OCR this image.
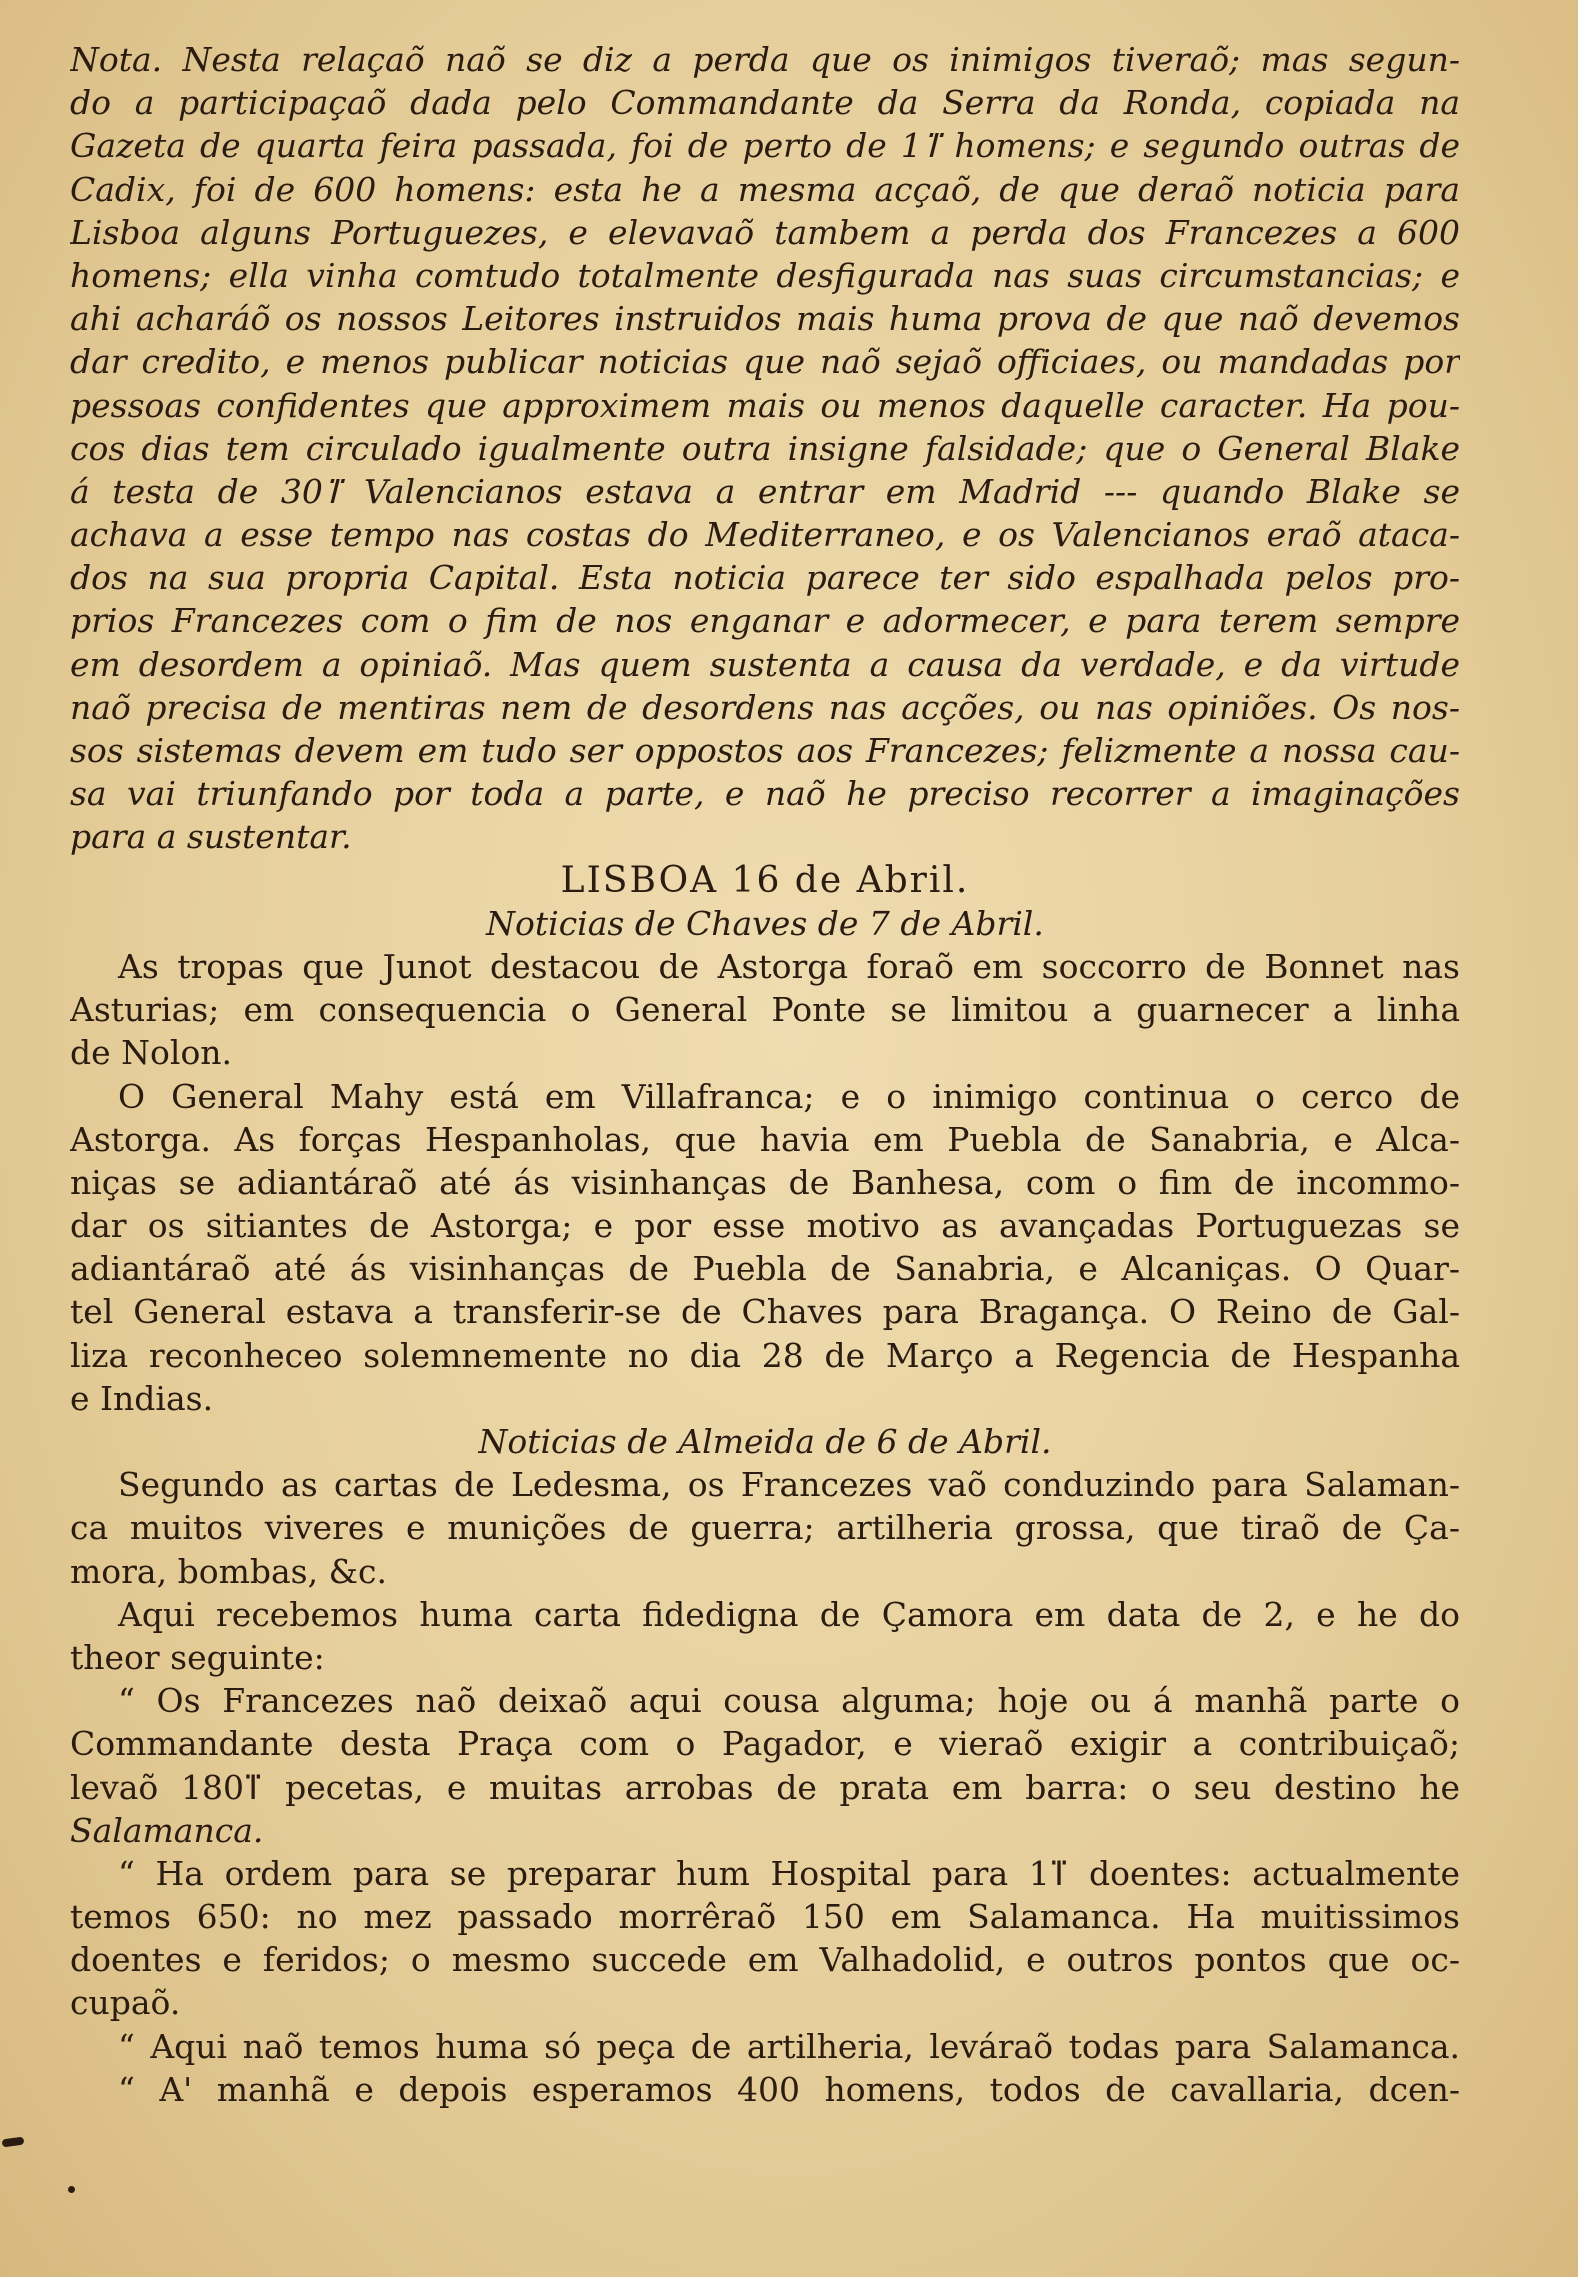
Nota. Nesta relaçaõ naõ se diz a perda que os inimigos tiveraõ; mas segun-
do a participaçaõ dada pelo Commandante da Serra da Ronda, copiada na
Gazeta de quarta feira passada, foi de perto de 1ⴶ homens; e segundo outras de
Cadix, foi de 600 homens: esta he a mesma acçaõ, de que deraõ noticia para
Lisboa alguns Portuguezes, e elevavaõ tambem a perda dos Francezes a 600
homens; ella vinha comtudo totalmente desfigurada nas suas circumstancias; e
ahi acharáõ os nossos Leitores instruidos mais huma prova de que naõ devemos
dar credito, e menos publicar noticias que naõ sejaõ officiaes, ou mandadas por
pessoas confidentes que approximem mais ou menos daquelle caracter. Ha pou-
cos dias tem circulado igualmente outra insigne falsidade; que o General Blake
á testa de 30ⴶ Valencianos estava a entrar em Madrid --- quando Blake se
achava a esse tempo nas costas do Mediterraneo, e os Valencianos eraõ ataca-
dos na sua propria Capital. Esta noticia parece ter sido espalhada pelos pro-
prios Francezes com o fim de nos enganar e adormecer, e para terem sempre
em desordem a opiniaõ. Mas quem sustenta a causa da verdade, e da virtude
naõ precisa de mentiras nem de desordens nas acções, ou nas opiniões. Os nos-
sos sistemas devem em tudo ser oppostos aos Francezes; felizmente a nossa cau-
sa vai triunfando por toda a parte, e naõ he preciso recorrer a imaginações
para a sustentar.
LISBOA 16 de Abril.
Noticias de Chaves de 7 de Abril.
As tropas que Junot destacou de Astorga foraõ em soccorro de Bonnet nas
Asturias; em consequencia o General Ponte se limitou a guarnecer a linha
de Nolon.
O General Mahy está em Villafranca; e o inimigo continua o cerco de
Astorga. As forças Hespanholas, que havia em Puebla de Sanabria, e Alca-
niças se adiantáraõ até ás visinhanças de Banhesa, com o fim de incommo-
dar os sitiantes de Astorga; e por esse motivo as avançadas Portuguezas se
adiantáraõ até ás visinhanças de Puebla de Sanabria, e Alcaniças. O Quar-
tel General estava a transferir-se de Chaves para Bragança. O Reino de Gal-
liza reconheceo solemnemente no dia 28 de Março a Regencia de Hespanha
e Indias.
Noticias de Almeida de 6 de Abril.
Segundo as cartas de Ledesma, os Francezes vaõ conduzindo para Salaman-
ca muitos viveres e munições de guerra; artilheria grossa, que tiraõ de Ça-
mora, bombas, &c.
Aqui recebemos huma carta fidedigna de Çamora em data de 2, e he do
theor seguinte:
“ Os Francezes naõ deixaõ aqui cousa alguma; hoje ou á manhã parte o
Commandante desta Praça com o Pagador, e vieraõ exigir a contribuiçaõ;
levaõ 180ⴶ pecetas, e muitas arrobas de prata em barra: o seu destino he
Salamanca.
“ Ha ordem para se preparar hum Hospital para 1ⴶ doentes: actualmente
temos 650: no mez passado morrêraõ 150 em Salamanca. Ha muitissimos
doentes e feridos; o mesmo succede em Valhadolid, e outros pontos que oc-
cupaõ.
“ Aqui naõ temos huma só peça de artilheria, leváraõ todas para Salamanca.
“ A' manhã e depois esperamos 400 homens, todos de cavallaria, dcen-
